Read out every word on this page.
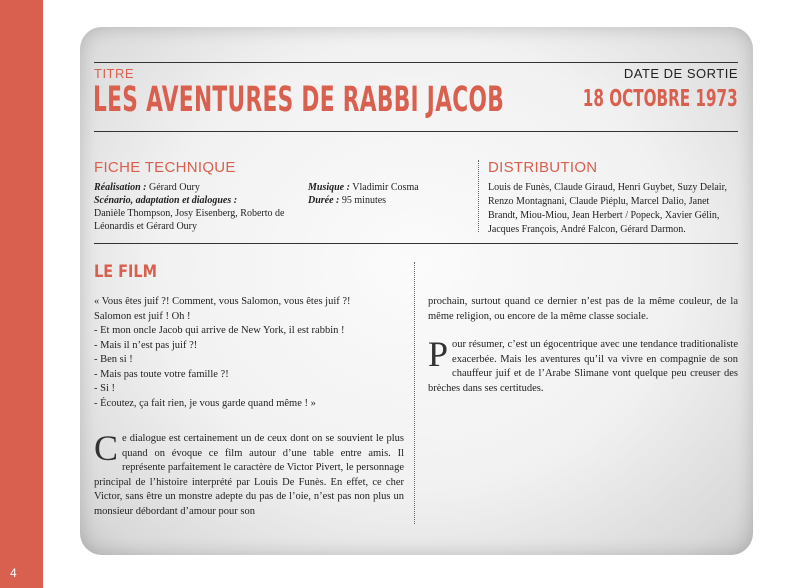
4
TITRE
LES AVENTURES DE RABBI JACOB
DATE DE SORTIE
18 OCTOBRE 1973
FICHE TECHNIQUE	DISTRIBUTION
Réalisation : Gérard Oury
Scénario, adaptation et dialogues :
Danièle Thompson, Josy Eisenberg, Roberto de Léonardis et Gérard Oury
Musique : Vladimir Cosma
Durée : 95 minutes
Louis de Funès, Claude Giraud, Henri Guybet, Suzy Delair, Renzo Montagnani, Claude Piéplu, Marcel Dalio, Janet Brandt, Miou-Miou, Jean Herbert / Popeck, Xavier Gélin, Jacques François, André Falcon, Gérard Darmon.
LE FILM
« Vous êtes juif ?! Comment, vous Salomon, vous êtes juif ?!
Salomon est juif ! Oh !
- Et mon oncle Jacob qui arrive de New York, il est rabbin !
- Mais il n’est pas juif ?!
- Ben si !
- Mais pas toute votre famille ?!
- Si !
- Écoutez, ça fait rien, je vous garde quand même ! »
Ce dialogue est certainement un de ceux dont on se souvient le plus quand on évoque ce film autour d’une table entre amis. Il représente parfaitement le caractère de Victor Pivert, le personnage principal de l’histoire interprété par Louis De Funès. En effet, ce cher Victor, sans être un monstre adepte du pas de l’oie, n’est pas non plus un monsieur débordant d’amour pour son
prochain, surtout quand ce dernier n’est pas de la même couleur, de la même religion, ou encore de la même classe sociale.
Pour résumer, c’est un égocentrique avec une tendance traditionaliste exacerbée. Mais les aventures qu’il va vivre en compagnie de son chauffeur juif et de l’Arabe Slimane vont quelque peu creuser des brèches dans ses certitudes.
